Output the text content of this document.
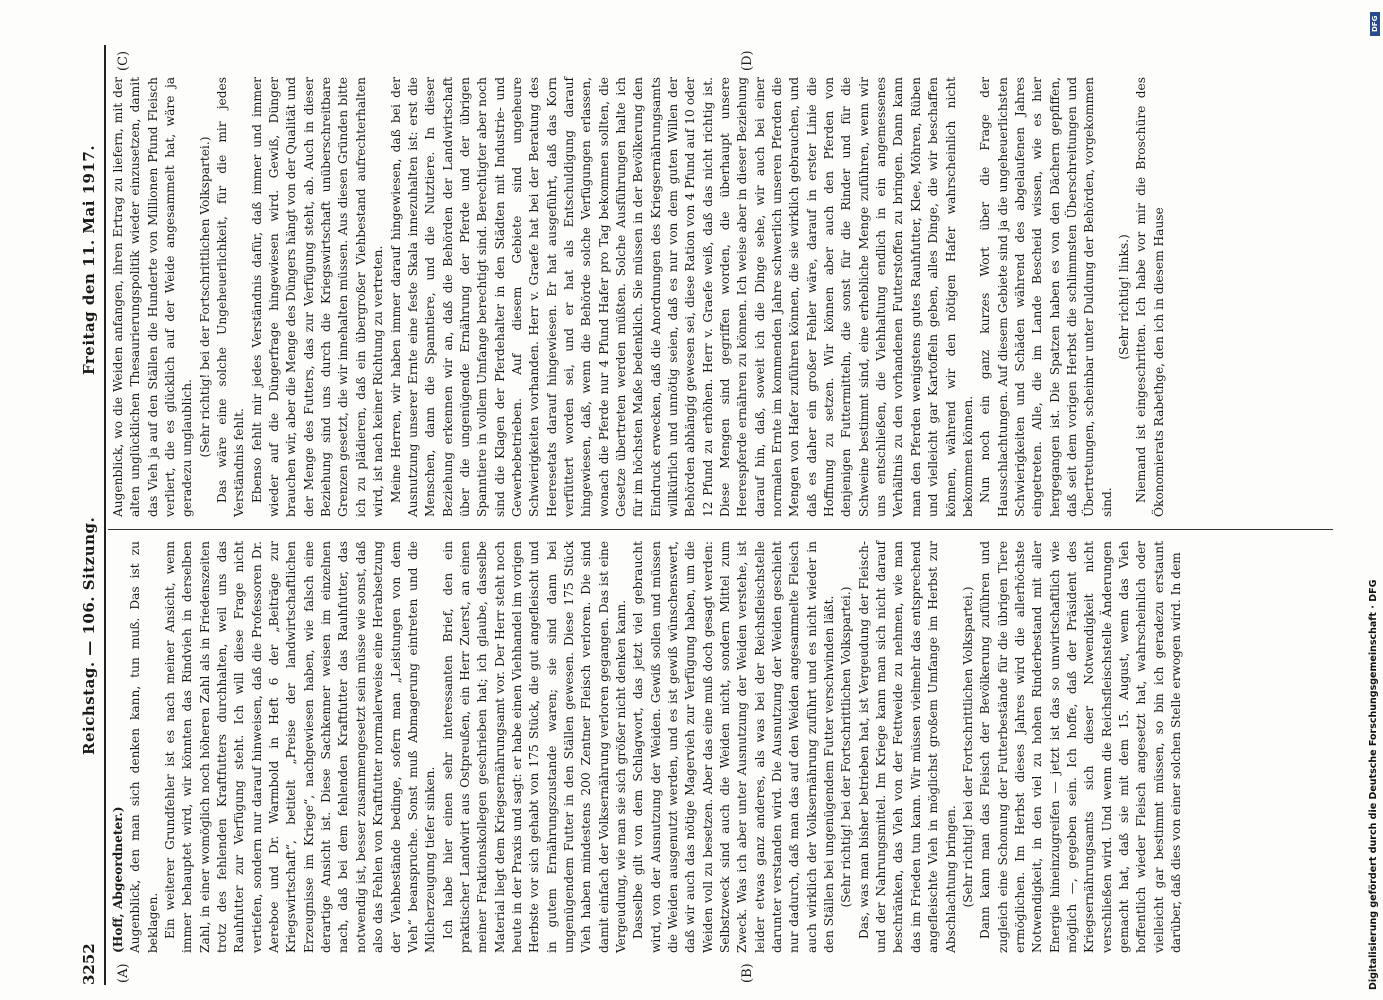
3252
Reichstag. — 106. Sitzung.
Freitag den 11. Mai 1917.
(A)	(B)
(C)	(D)

(Hoff, Abgeordneter.) Augenblick, den man sich denken kann, tun muß. Das ist zu beklagen. Ein weiterer Grundfehler ist es nach meiner Ansicht, wenn immer behauptet wird, wir könnten das Rindvieh in derselben Zahl, in einer womöglich noch höheren Zahl als in Friedenszeiten trotz des fehlenden Kraftfutters durchhalten, weil uns das Rauhfutter zur Verfügung steht. Ich will diese Frage nicht vertiefen, sondern nur darauf hinweisen, daß die Professoren Dr. Aereboe und Dr. Warmbold in Heft 6 der „Beiträge zur Kriegswirtschaft“, betitelt „Preise der landwirtschaftlichen Erzeugnisse im Kriege“, nachgewiesen haben, wie falsch eine derartige Ansicht ist. Diese Sachkenner weisen im einzelnen nach, daß bei dem fehlenden Kraftfutter das Rauhfutter, das notwendig ist, besser zusammengesetzt sein müsse wie sonst, daß also das Fehlen von Kraftfutter normalerweise eine Herabsetzung der Viehbestände bedinge, sofern man „Leistungen von dem Vieh“ beanspruche. Sonst muß Abmagerung eintreten und die Milcherzeugung tiefer sinken. Ich habe hier einen sehr interessanten Brief, den ein praktischer Landwirt aus Ostpreußen, ein Herr Zuerst, an einen meiner Fraktionskollegen geschrieben hat; ich glaube, dasselbe Material liegt dem Kriegsernährungsamt vor. Der Herr steht noch heute in der Praxis und sagt: er habe einen Viehhandel im vorigen Herbste vor sich gehabt von 175 Stück, die gut angefleischt und in gutem Ernährungszustande waren; sie sind dann bei ungenügendem Futter in den Ställen gewesen. Diese 175 Stück Vieh haben mindestens 200 Zentner Fleisch verloren. Die sind damit einfach der Volksernährung verloren gegangen. Das ist eine Vergeudung, wie man sie sich größer nicht denken kann. Dasselbe gilt von dem Schlagwort, das jetzt viel gebraucht wird, von der Ausnutzung der Weiden. Gewiß sollen und müssen die Weiden ausgenutzt werden, und es ist gewiß wünschenswert, daß wir auch das nötige Magervieh zur Verfügung haben, um die Weiden voll zu besetzen. Aber das eine muß doch gesagt werden: Selbstzweck sind auch die Weiden nicht, sondern Mittel zum Zweck. Was ich aber unter Ausnutzung der Weiden verstehe, ist leider etwas ganz anderes, als was bei der Reichsfleischstelle darunter verstanden wird. Die Ausnutzung der Weiden geschieht nur dadurch, daß man das auf den Weiden angesammelte Fleisch auch wirklich der Volksernährung zuführt und es nicht wieder in den Ställen bei ungenügendem Futter verschwinden läßt. (Sehr richtig! bei der Fortschrittlichen Volkspartei.) Das, was man bisher betrieben hat, ist Vergeudung der Fleisch- und der Nahrungsmittel. Im Kriege kann man sich nicht darauf beschränken, das Vieh von der Fettweide zu nehmen, wie man das im Frieden tun kann. Wir müssen vielmehr das entsprechend angefleischte Vieh in möglichst großem Umfange im Herbst zur Abschlachtung bringen. (Sehr richtig! bei der Fortschrittlichen Volkspartei.) Dann kann man das Fleisch der Bevölkerung zuführen und zugleich eine Schonung der Futterbestände für die übrigen Tiere ermöglichen. Im Herbst dieses Jahres wird die allerhöchste Notwendigkeit, in den viel zu hohen Rinderbestand mit aller Energie hineinzugreifen — jetzt ist das so unwirtschaftlich wie möglich —, gegeben sein. Ich hoffe, daß der Präsident des Kriegsernährungsamts sich dieser Notwendigkeit nicht verschließen wird. Und wenn die Reichsfleischstelle Änderungen gemacht hat, daß sie mit dem 15. August, wenn das Vieh hoffentlich wieder Fleisch angesetzt hat, wahrscheinlich oder vielleicht gar bestimmt müssen, so bin ich geradezu erstaunt darüber, daß dies von einer solchen Stelle erwogen wird. In dem

Augenblick, wo die Weiden anfangen, ihren Ertrag zu liefern, mit der alten unglücklichen Thesaurierungspolitik wieder einzusetzen, damit das Vieh ja auf den Ställen die Hunderte von Millionen Pfund Fleisch verliert, die es glücklich auf der Weide angesammelt hat, wäre ja geradezu unglaublich. (Sehr richtig! bei der Fortschrittlichen Volkspartei.) Das wäre eine solche Ungeheuerlichkeit, für die mir jedes Verständnis fehlt. Ebenso fehlt mir jedes Verständnis dafür, daß immer und immer wieder auf die Düngerfrage hingewiesen wird. Gewiß, Dünger brauchen wir, aber die Menge des Düngers hängt von der Qualität und der Menge des Futters, das zur Verfügung steht, ab. Auch in dieser Beziehung sind uns durch die Kriegswirtschaft unüberschreitbare Grenzen gesetzt, die wir innehalten müssen. Aus diesen Gründen bitte ich zu plädieren, daß ein übergroßer Viehbestand aufrechterhalten wird, ist nach keiner Richtung zu vertreten. Meine Herren, wir haben immer darauf hingewiesen, daß bei der Ausnutzung unserer Ernte eine feste Skala innezuhalten ist: erst die Menschen, dann die Spanntiere, und die Nutztiere. In dieser Beziehung erkennen wir an, daß die Behörden der Landwirtschaft über die ungenügende Ernährung der Pferde und der übrigen Spanntiere in vollem Umfange berechtigt sind. Berechtigter aber noch sind die Klagen der Pferdehalter in den Städten mit Industrie- und Gewerbebetrieben. Auf diesem Gebiete sind ungeheure Schwierigkeiten vorhanden. Herr v. Graefe hat bei der Beratung des Heeresetats darauf hingewiesen. Er hat ausgeführt, daß das Korn verfüttert worden sei, und er hat als Entschuldigung darauf hingewiesen, daß, wenn die Behörde solche Verfügungen erlassen, wonach die Pferde nur 4 Pfund Hafer pro Tag bekommen sollten, die Gesetze übertreten werden müßten. Solche Ausführungen halte ich für im höchsten Maße bedenklich. Sie müssen in der Bevölkerung den Eindruck erwecken, daß die Anordnungen des Kriegsernährungsamts willkürlich und unnötig seien, daß es nur von dem guten Willen der Behörden abhängig gewesen sei, diese Ration von 4 Pfund auf 10 oder 12 Pfund zu erhöhen. Herr v. Graefe weiß, daß das nicht richtig ist. Diese Mengen sind gegriffen worden, die überhaupt unsere Heerespferde ernähren zu können. Ich weise aber in dieser Beziehung darauf hin, daß, soweit ich die Dinge sehe, wir auch bei einer normalen Ernte im kommenden Jahre schwerlich unseren Pferden die Mengen von Hafer zuführen können, die sie wirklich gebrauchen, und daß es daher ein großer Fehler wäre, darauf in erster Linie die Hoffnung zu setzen. Wir können aber auch den Pferden von denjenigen Futtermitteln, die sonst für die Rinder und für die Schweine bestimmt sind, eine erhebliche Menge zuführen, wenn wir uns entschließen, die Viehhaltung endlich in ein angemessenes Verhältnis zu den vorhandenen Futterstoffen zu bringen. Dann kann man den Pferden wenigstens gutes Rauhfutter, Klee, Möhren, Rüben und vielleicht gar Kartoffeln geben, alles Dinge, die wir beschaffen können, während wir den nötigen Hafer wahrscheinlich nicht bekommen können. Nun noch ein ganz kurzes Wort über die Frage der Hausschlachtungen. Auf diesem Gebiete sind ja die ungeheuerlichsten Schwierigkeiten und Schäden während des abgelaufenen Jahres eingetreten. Alle, die im Lande Bescheid wissen, wie es hier hergegangen ist. Die Spatzen haben es von den Dächern gepfiffen, daß seit dem vorigen Herbst die schlimmsten Überschreitungen und Übertretungen, scheinbar unter Duldung der Behörden, vorgekommen sind.

(Sehr richtig! links.) Niemand ist eingeschritten. Ich habe vor mir die Broschüre des Ökonomierats Rabethge, den ich in diesem Hause

Digitalisierung gefördert durch die Deutsche Forschungsgemeinschaft · DFG
DFG
